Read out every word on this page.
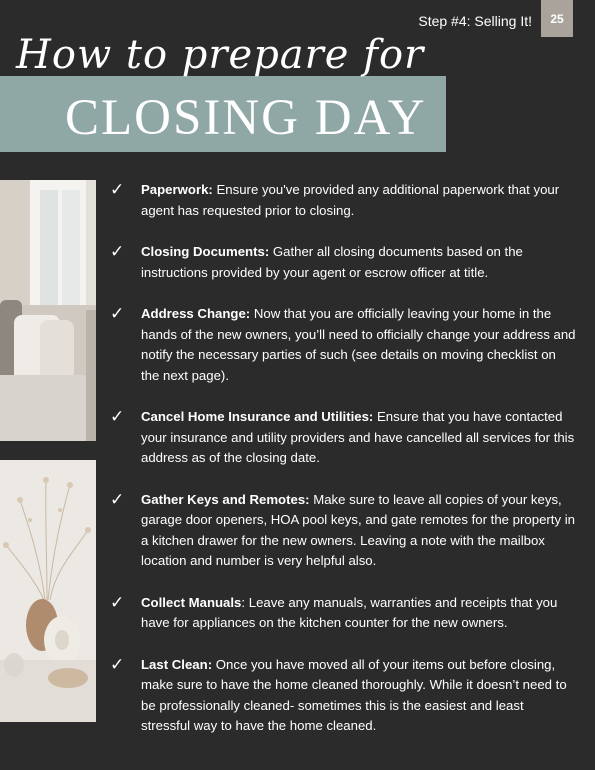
Step #4: Selling It! 25
How to prepare for
CLOSING DAY
✓ Paperwork: Ensure you've provided any additional paperwork that your agent has requested prior to closing.
✓ Closing Documents: Gather all closing documents based on the instructions provided by your agent or escrow officer at title.
✓ Address Change: Now that you are officially leaving your home in the hands of the new owners, you’ll need to officially change your address and notify the necessary parties of such (see details on moving checklist on the next page).
✓ Cancel Home Insurance and Utilities: Ensure that you have contacted your insurance and utility providers and have cancelled all services for this address as of the closing date.
✓ Gather Keys and Remotes: Make sure to leave all copies of your keys, garage door openers, HOA pool keys, and gate remotes for the property in a kitchen drawer for the new owners. Leaving a note with the mailbox location and number is very helpful also.
✓ Collect Manuals: Leave any manuals, warranties and receipts that you have for appliances on the kitchen counter for the new owners.
✓ Last Clean: Once you have moved all of your items out before closing, make sure to have the home cleaned thoroughly. While it doesn’t need to be professionally cleaned- sometimes this is the easiest and least stressful way to have the home cleaned.
